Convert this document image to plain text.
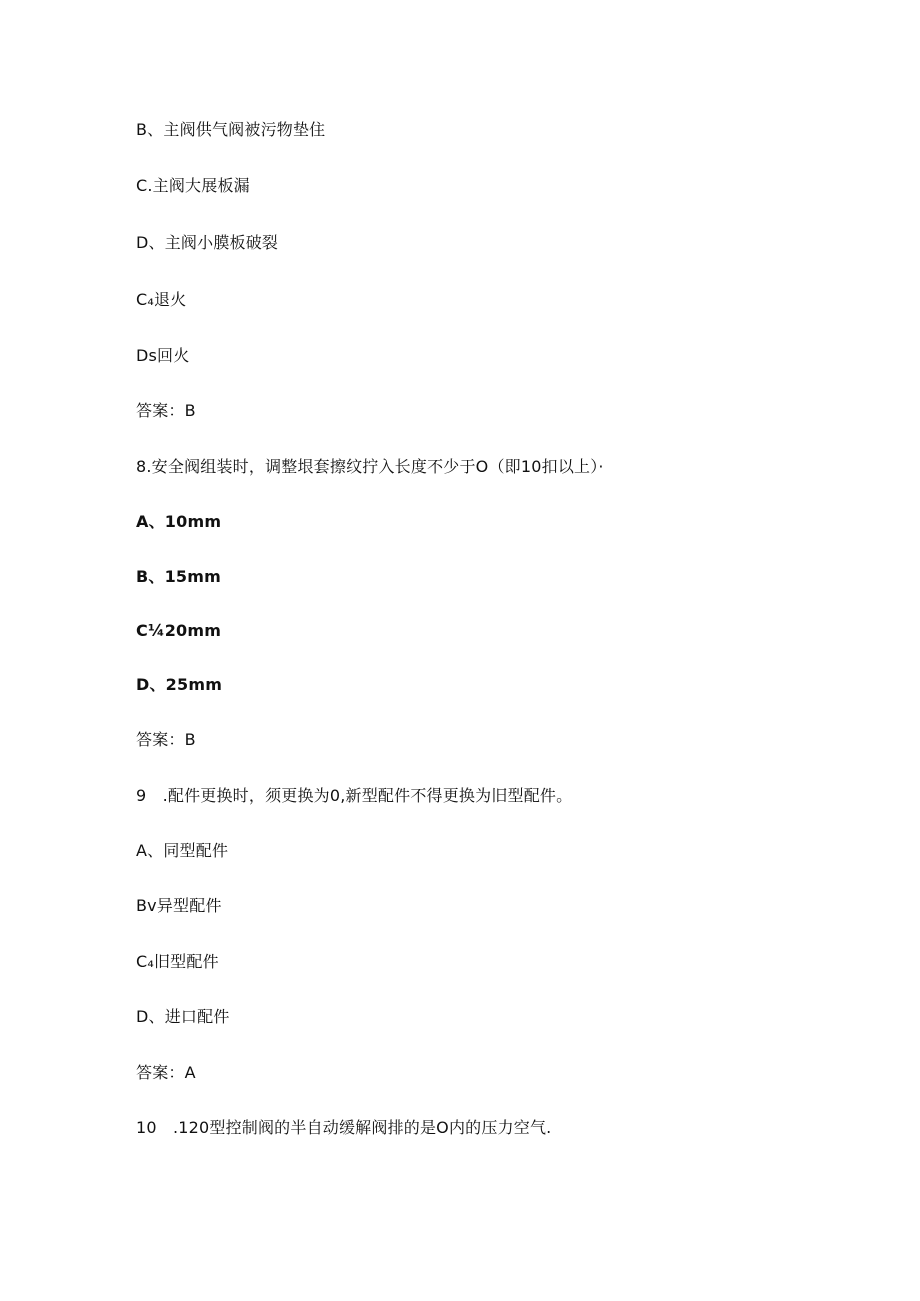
B、主阀供气阀被污物垫住
C.主阀大展板漏
D、主阀小膜板破裂
C₄退火
Ds回火
答案：B
8.安全阀组装时，调整垠套擦纹拧入长度不少于O（即10扣以上）·
A、10mm
B、15mm
C¼20mm
D、25mm
答案：B
9　.配件更换时，须更换为0,新型配件不得更换为旧型配件。
A、同型配件
Bv异型配件
C₄旧型配件
D、进口配件
答案：A
10　.120型控制阀的半自动缓解阀排的是O内的压力空气.
